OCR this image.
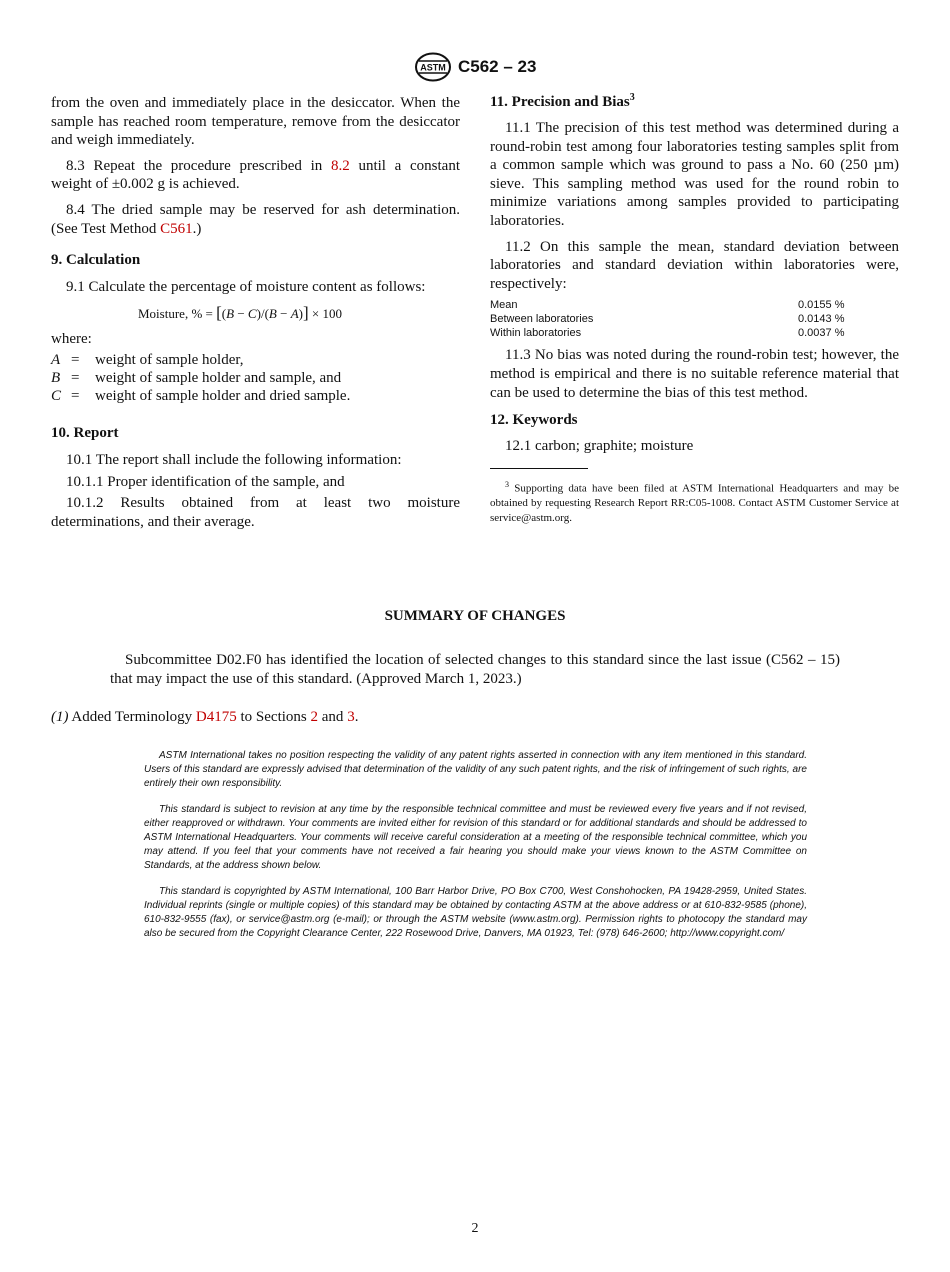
ASTM C562 – 23

from the oven and immediately place in the desiccator. When the sample has reached room temperature, remove from the desiccator and weigh immediately.

8.3 Repeat the procedure prescribed in 8.2 until a constant weight of ±0.002 g is achieved.

8.4 The dried sample may be reserved for ash determination. (See Test Method C561.)

9. Calculation

9.1 Calculate the percentage of moisture content as follows:

Moisture, % = [(B − C)/(B − A)] × 100

where:

A =	weight of sample holder,
B =	weight of sample holder and sample, and
C =	weight of sample holder and dried sample.

10. Report

10.1 The report shall include the following information:

10.1.1 Proper identification of the sample, and

10.1.2 Results obtained from at least two moisture determinations, and their average.

11. Precision and Bias$^3$

11.1 The precision of this test method was determined during a round-robin test among four laboratories testing samples split from a common sample which was ground to pass a No. 60 (250 µm) sieve. This sampling method was used for the round robin to minimize variations among samples provided to participating laboratories.

11.2 On this sample the mean, standard deviation between laboratories and standard deviation within laboratories were, respectively:

Mean	0.0155 %
Between laboratories	0.0143 %
Within laboratories	0.0037 %

11.3 No bias was noted during the round-robin test; however, the method is empirical and there is no suitable reference material that can be used to determine the bias of this test method.

12. Keywords

12.1 carbon; graphite; moisture

$^3$ Supporting data have been filed at ASTM International Headquarters and may be obtained by requesting Research Report RR:C05-1008. Contact ASTM Customer Service at service@astm.org.

SUMMARY OF CHANGES

Subcommittee D02.F0 has identified the location of selected changes to this standard since the last issue (C562 – 15) that may impact the use of this standard. (Approved March 1, 2023.)

(1) Added Terminology D4175 to Sections 2 and 3.

ASTM International takes no position respecting the validity of any patent rights asserted in connection with any item mentioned in this standard. Users of this standard are expressly advised that determination of the validity of any such patent rights, and the risk of infringement of such rights, are entirely their own responsibility.

This standard is subject to revision at any time by the responsible technical committee and must be reviewed every five years and if not revised, either reapproved or withdrawn. Your comments are invited either for revision of this standard or for additional standards and should be addressed to ASTM International Headquarters. Your comments will receive careful consideration at a meeting of the responsible technical committee, which you may attend. If you feel that your comments have not received a fair hearing you should make your views known to the ASTM Committee on Standards, at the address shown below.

This standard is copyrighted by ASTM International, 100 Barr Harbor Drive, PO Box C700, West Conshohocken, PA 19428-2959, United States. Individual reprints (single or multiple copies) of this standard may be obtained by contacting ASTM at the above address or at 610-832-9585 (phone), 610-832-9555 (fax), or service@astm.org (e-mail); or through the ASTM website (www.astm.org). Permission rights to photocopy the standard may also be secured from the Copyright Clearance Center, 222 Rosewood Drive, Danvers, MA 01923, Tel: (978) 646-2600; http://www.copyright.com/

2
